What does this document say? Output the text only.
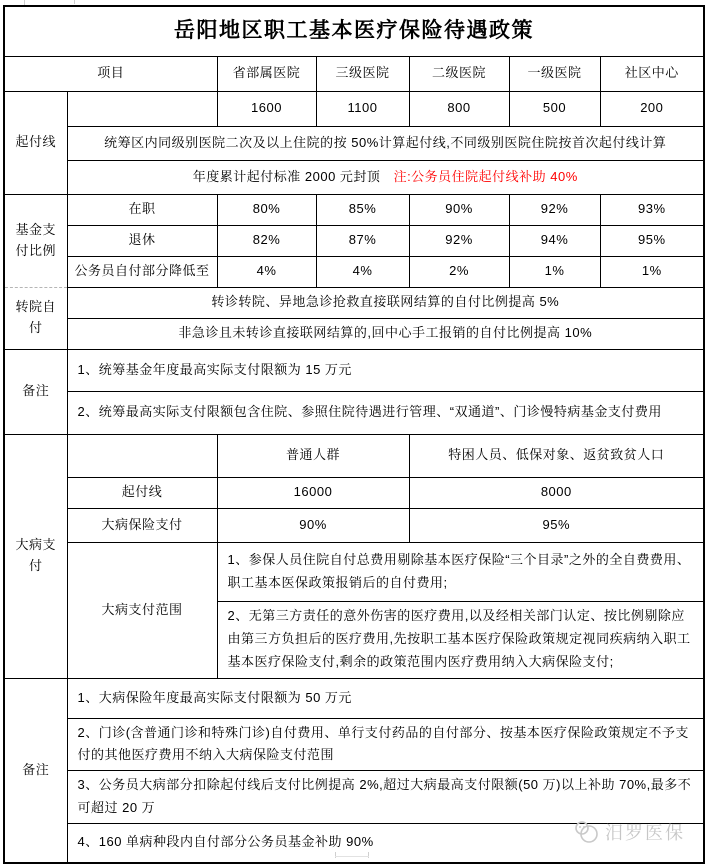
岳阳地区职工基本医疗保险待遇政策						
项目		省部属医院	三级医院	二级医院	一级医院	社区中心
起付线		1600	1100	800	500	200
	统筹区内同级别医院二次及以上住院的按 50%计算起付线,不同级别医院住院按首次起付线计算					
	年度累计起付标准 2000 元封顶 注:公务员住院起付线补助 40%					
基金支付比例	在职	80%	85%	90%	92%	93%
	退休	82%	87%	92%	94%	95%
	公务员自付部分降低至	4%	4%	2%	1%	1%
转院自付	转诊转院、异地急诊抢救直接联网结算的自付比例提高 5%					
	非急诊且未转诊直接联网结算的,回中心手工报销的自付比例提高 10%					
备注	1、统筹基金年度最高实际支付限额为 15 万元					
	2、统筹最高实际支付限额包含住院、参照住院待遇进行管理、“双通道”、门诊慢特病基金支付费用					
大病支付		普通人群		特困人员、低保对象、返贫致贫人口		
	起付线	16000		8000		
	大病保险支付	90%		95%		
	大病支付范围	1、参保人员住院自付总费用剔除基本医疗保险“三个目录”之外的全自费费用、职工基本医保政策报销后的自付费用;				
		2、无第三方责任的意外伤害的医疗费用,以及经相关部门认定、按比例剔除应由第三方负担后的医疗费用,先按职工基本医疗保险政策规定视同疾病纳入职工基本医疗保险支付,剩余的政策范围内医疗费用纳入大病保险支付;				
备注	1、大病保险年度最高实际支付限额为 50 万元					
	2、门诊(含普通门诊和特殊门诊)自付费用、单行支付药品的自付部分、按基本医疗保险政策规定不予支付的其他医疗费用不纳入大病保险支付范围					
	3、公务员大病部分扣除起付线后支付比例提高 2%,超过大病最高支付限额(50 万)以上补助 70%,最多不可超过 20 万					
	4、160 单病种段内自付部分公务员基金补助 90%						汨罗医保
